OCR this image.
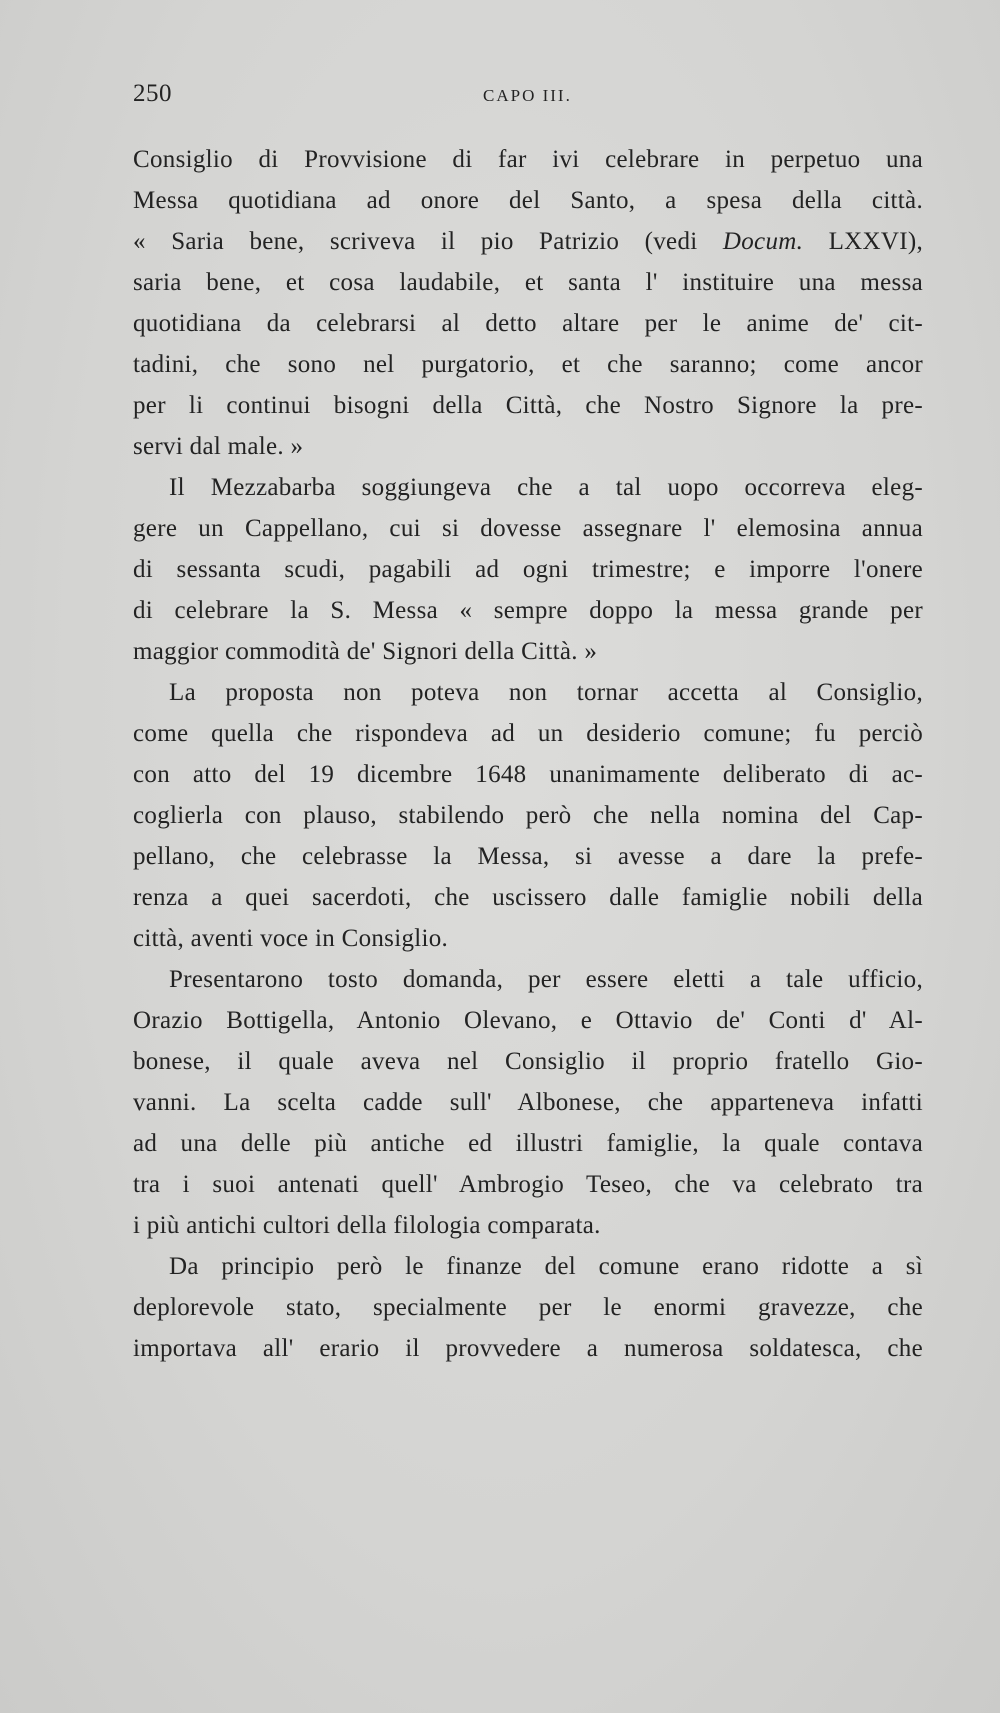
250	CAPO III.
Consiglio di Provvisione di far ivi celebrare in perpetuo una
Messa quotidiana ad onore del Santo, a spesa della città.
« Saria bene, scriveva il pio Patrizio (vedi Docum. LXXVI),
saria bene, et cosa laudabile, et santa l' instituire una messa
quotidiana da celebrarsi al detto altare per le anime de' cit-
tadini, che sono nel purgatorio, et che saranno; come ancor
per li continui bisogni della Città, che Nostro Signore la pre-
servi dal male. »
Il Mezzabarba soggiungeva che a tal uopo occorreva eleg-
gere un Cappellano, cui si dovesse assegnare l' elemosina annua
di sessanta scudi, pagabili ad ogni trimestre; e imporre l'onere
di celebrare la S. Messa « sempre doppo la messa grande per
maggior commodità de' Signori della Città. »
La proposta non poteva non tornar accetta al Consiglio,
come quella che rispondeva ad un desiderio comune; fu perciò
con atto del 19 dicembre 1648 unanimamente deliberato di ac-
coglierla con plauso, stabilendo però che nella nomina del Cap-
pellano, che celebrasse la Messa, si avesse a dare la prefe-
renza a quei sacerdoti, che uscissero dalle famiglie nobili della
città, aventi voce in Consiglio.
Presentarono tosto domanda, per essere eletti a tale ufficio,
Orazio Bottigella, Antonio Olevano, e Ottavio de' Conti d' Al-
bonese, il quale aveva nel Consiglio il proprio fratello Gio-
vanni. La scelta cadde sull' Albonese, che apparteneva infatti
ad una delle più antiche ed illustri famiglie, la quale contava
tra i suoi antenati quell' Ambrogio Teseo, che va celebrato tra
i più antichi cultori della filologia comparata.
Da principio però le finanze del comune erano ridotte a sì
deplorevole stato, specialmente per le enormi gravezze, che
importava all' erario il provvedere a numerosa soldatesca, che
